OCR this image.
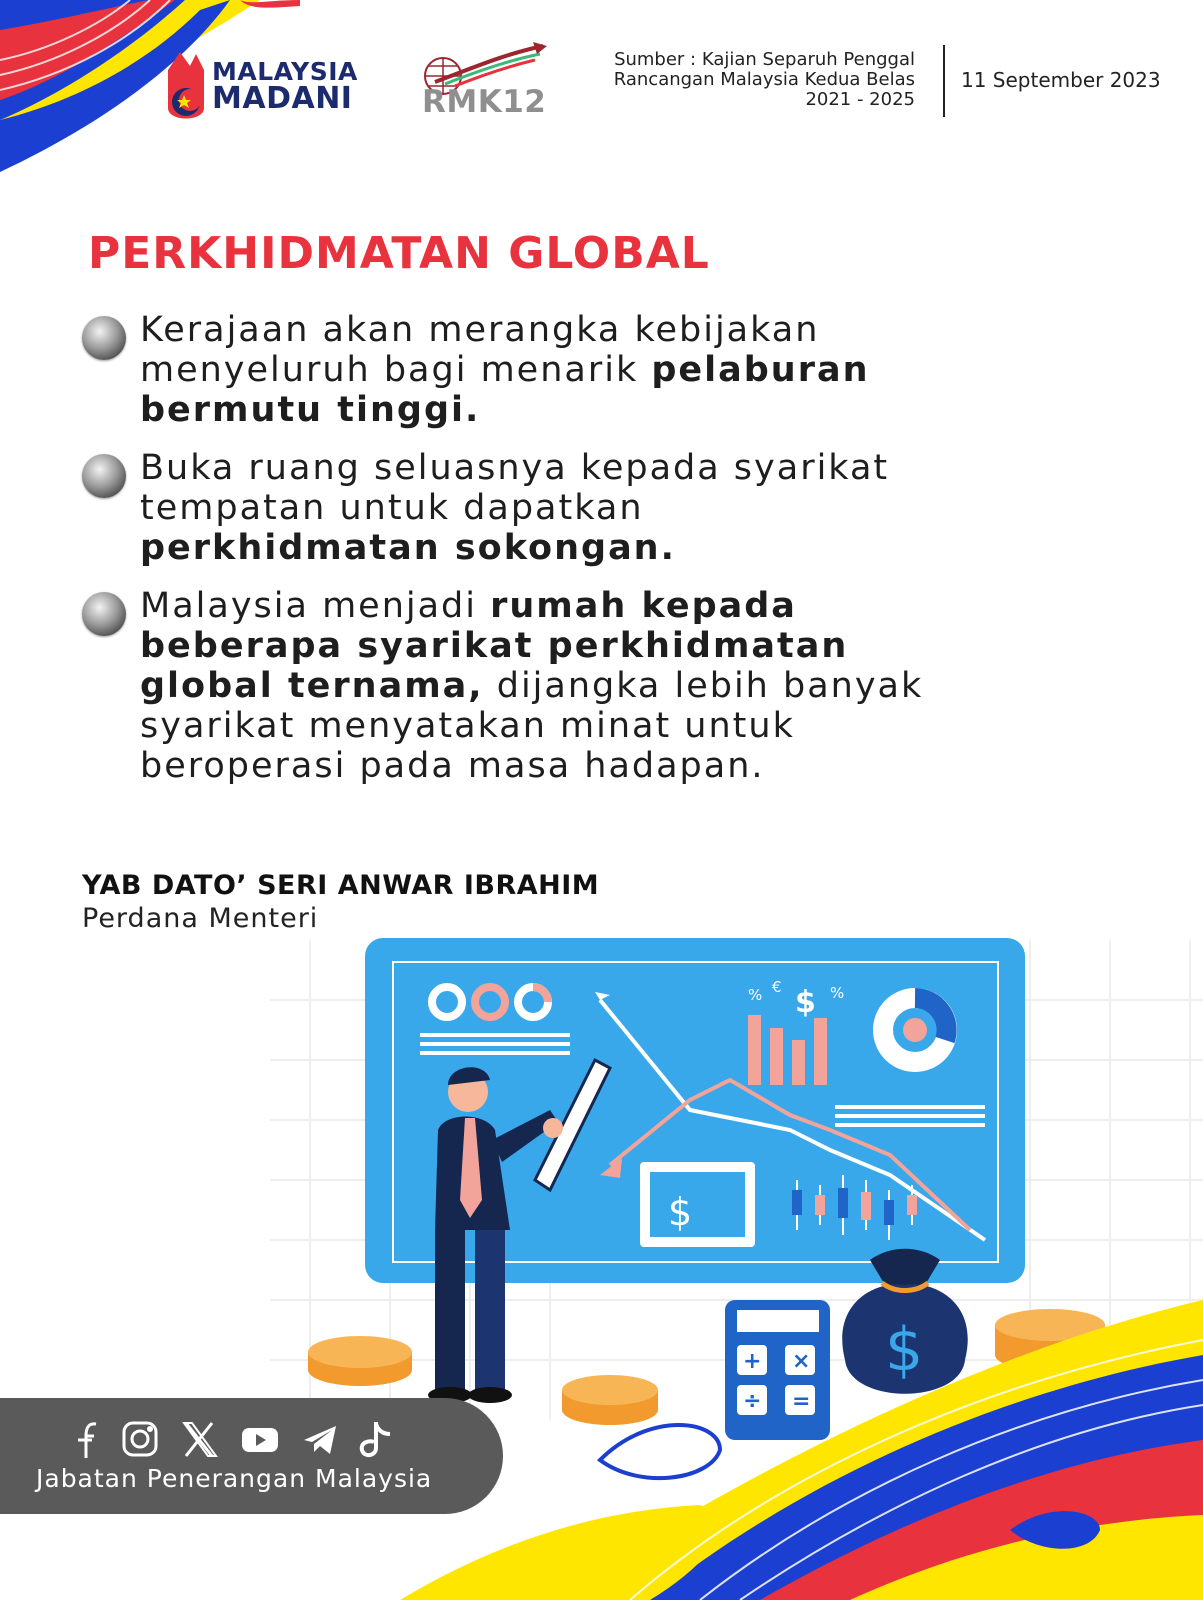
MALAYSIA
MADANI RMK12
Sumber : Kajian Separuh Penggal
Rancangan Malaysia Kedua Belas
2021 - 2025
11 September 2023
PERKHIDMATAN GLOBAL
Kerajaan akan merangka kebijakan menyeluruh bagi menarik pelaburan bermutu tinggi.
Buka ruang seluasnya kepada syarikat tempatan untuk dapatkan perkhidmatan sokongan.
Malaysia menjadi rumah kepada beberapa syarikat perkhidmatan global ternama, dijangka lebih banyak syarikat menyatakan minat untuk beroperasi pada masa hadapan.
YAB DATO’ SERI ANWAR IBRAHIM
Perdana Menteri
% € $ %
$
+ ×
÷ =
$
Jabatan Penerangan Malaysia
